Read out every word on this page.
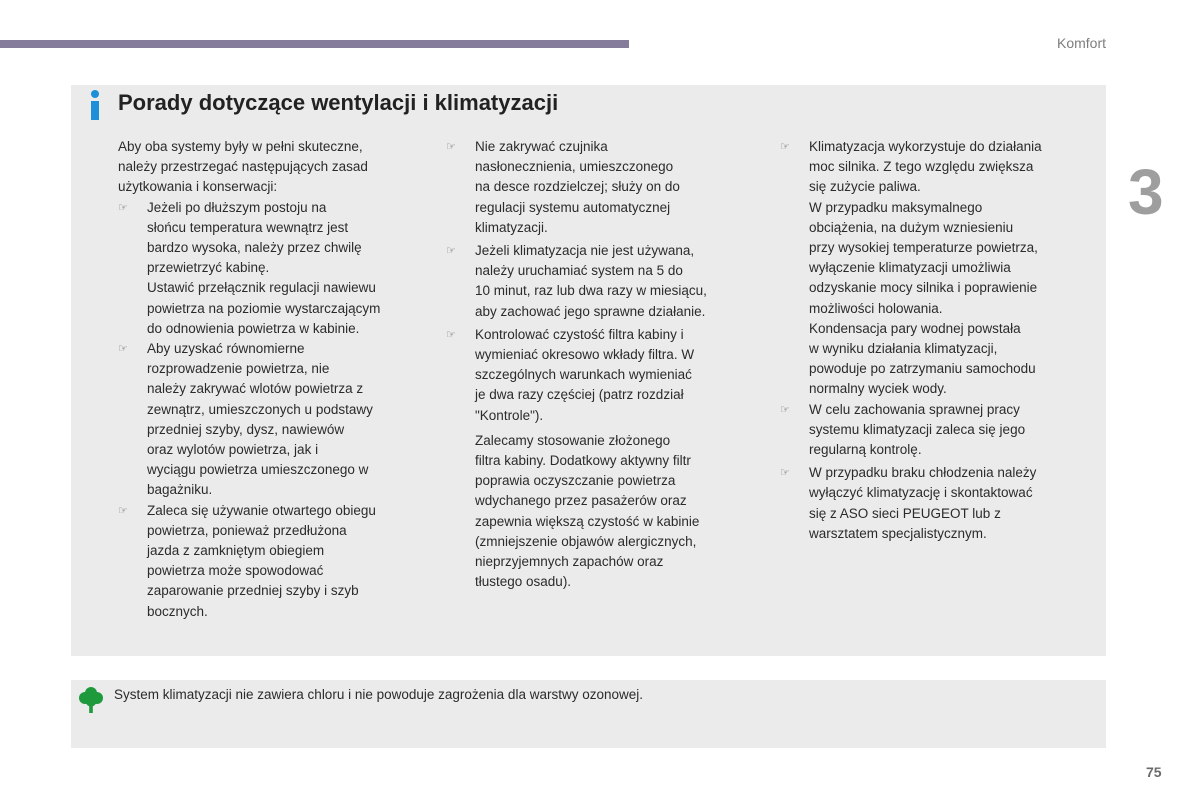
Komfort
3
Porady dotyczące wentylacji i klimatyzacji

Aby oba systemy były w pełni skuteczne,
należy przestrzegać następujących zasad
użytkowania i konserwacji:

☞ Jeżeli po dłuższym postoju na
słońcu temperatura wewnątrz jest
bardzo wysoka, należy przez chwilę
przewietrzyć kabinę.
Ustawić przełącznik regulacji nawiewu
powietrza na poziomie wystarczającym
do odnowienia powietrza w kabinie.
☞ Aby uzyskać równomierne
rozprowadzenie powietrza, nie
należy zakrywać wlotów powietrza z
zewnątrz, umieszczonych u podstawy
przedniej szyby, dysz, nawiewów
oraz wylotów powietrza, jak i
wyciągu powietrza umieszczonego w
bagażniku.
☞ Zaleca się używanie otwartego obiegu
powietrza, ponieważ przedłużona
jazda z zamkniętym obiegiem
powietrza może spowodować
zaparowanie przedniej szyby i szyb
bocznych.
☞ Nie zakrywać czujnika
nasłonecznienia, umieszczonego
na desce rozdzielczej; służy on do
regulacji systemu automatycznej
klimatyzacji.
☞ Jeżeli klimatyzacja nie jest używana,
należy uruchamiać system na 5 do
10 minut, raz lub dwa razy w miesiącu,
aby zachować jego sprawne działanie.
☞ Kontrolować czystość filtra kabiny i
wymieniać okresowo wkłady filtra. W
szczególnych warunkach wymieniać
je dwa razy częściej (patrz rozdział
"Kontrole").

Zalecamy stosowanie złożonego
filtra kabiny. Dodatkowy aktywny filtr
poprawia oczyszczanie powietrza
wdychanego przez pasażerów oraz
zapewnia większą czystość w kabinie
(zmniejszenie objawów alergicznych,
nieprzyjemnych zapachów oraz
tłustego osadu).

☞ Klimatyzacja wykorzystuje do działania
moc silnika. Z tego względu zwiększa
się zużycie paliwa.
W przypadku maksymalnego
obciążenia, na dużym wzniesieniu
przy wysokiej temperaturze powietrza,
wyłączenie klimatyzacji umożliwia
odzyskanie mocy silnika i poprawienie
możliwości holowania.
Kondensacja pary wodnej powstała
w wyniku działania klimatyzacji,
powoduje po zatrzymaniu samochodu
normalny wyciek wody.
☞ W celu zachowania sprawnej pracy
systemu klimatyzacji zaleca się jego
regularną kontrolę.
☞ W przypadku braku chłodzenia należy
wyłączyć klimatyzację i skontaktować
się z ASO sieci PEUGEOT lub z
warsztatem specjalistycznym.
System klimatyzacji nie zawiera chloru i nie powoduje zagrożenia dla warstwy ozonowej.
75
